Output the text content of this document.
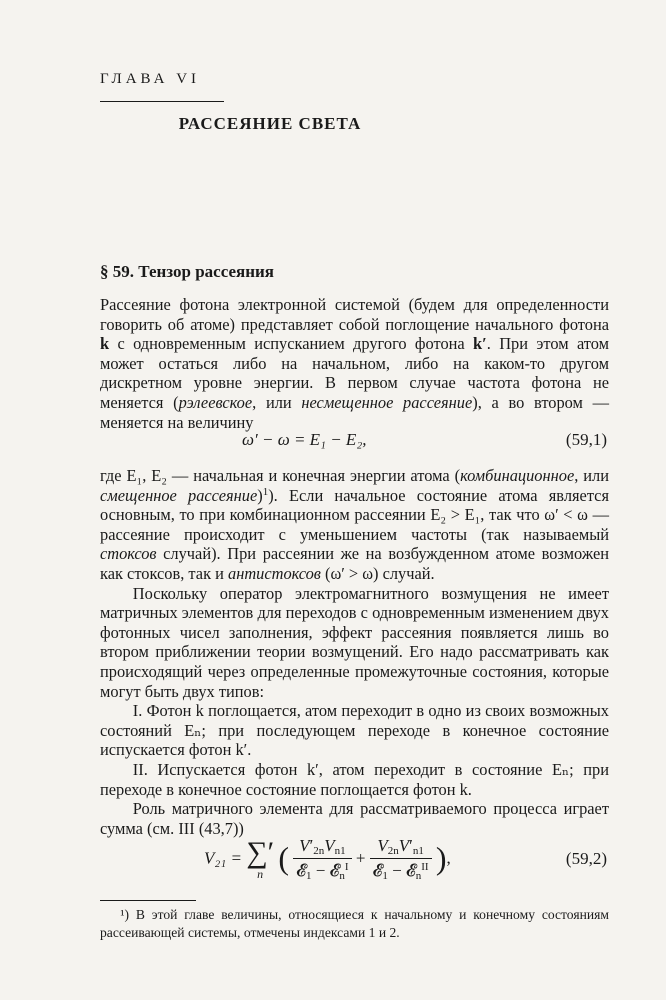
ГЛАВА VI
РАССЕЯНИЕ СВЕТА
§ 59. Тензор рассеяния
Рассеяние фотона электронной системой (будем для определенности говорить об атоме) представляет собой поглощение начального фотона k с одновременным испусканием другого фотона k′. При этом атом может остаться либо на начальном, либо на каком-то другом дискретном уровне энергии. В первом случае частота фотона не меняется (рэлеевское, или несмещенное рассеяние), а во втором — меняется на величину
ω′ − ω = E₁ − E₂,	(59,1)

где E₁, E₂ — начальная и конечная энергии атома (комбинационное, или смещенное рассеяние)$^1$). Если начальное состояние атома является основным, то при комбинационном рассеянии E₂ > E₁, так что ω′ < ω — рассеяние происходит с уменьшением частоты (так называемый стоксов случай). При рассеянии же на возбужденном атоме возможен как стоксов, так и антистоксов (ω′ > ω) случай.

Поскольку оператор электромагнитного возмущения не имеет матричных элементов для переходов с одновременным изменением двух фотонных чисел заполнения, эффект рассеяния появляется лишь во втором приближении теории возмущений. Его надо рассматривать как происходящий через определенные промежуточные состояния, которые могут быть двух типов:

I. Фотон k поглощается, атом переходит в одно из своих возможных состояний Eₙ; при последующем переходе в конечное состояние испускается фотон k′.

II. Испускается фотон k′, атом переходит в состояние Eₙ; при переходе в конечное состояние поглощается фотон k.

Роль матричного элемента для рассматриваемого процесса играет сумма (см. III (43,7))

V₂₁ = ∑′
n ( $\frac{V'_{2n}V_{n1}}{𝓔_1 - 𝓔_n^I} + \frac{V_{2n}V'_{n1}}{𝓔_1 - 𝓔_n^{II}}$ ),	(59,2)

¹) В этой главе величины, относящиеся к начальному и конечному состояниям рассеивающей системы, отмечены индексами 1 и 2.
